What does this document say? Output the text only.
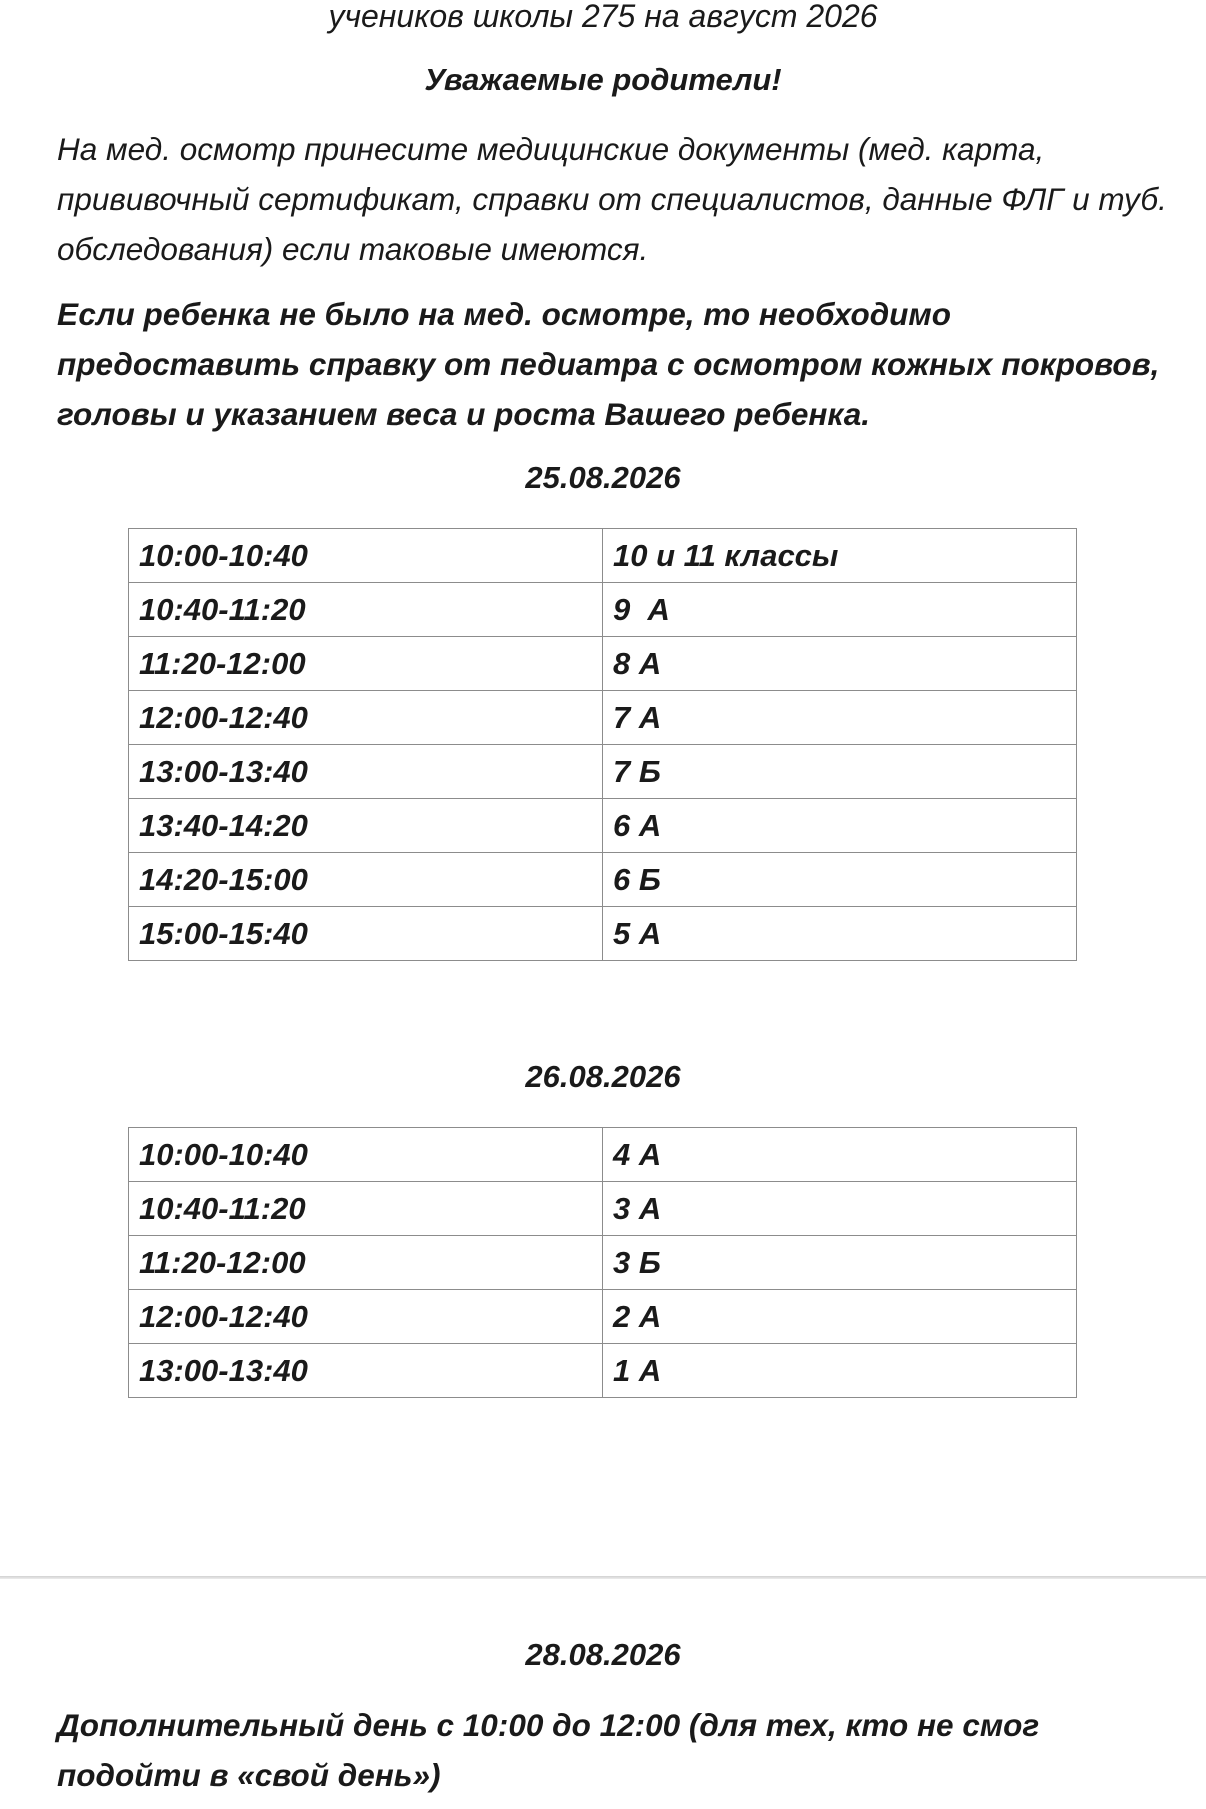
учеников школы 275 на август 2026

Уважаемые родители!

На мед. осмотр принесите медицинские документы (мед. карта, прививочный сертификат, справки от специалистов, данные ФЛГ и туб. обследования) если таковые имеются.

Если ребенка не было на мед. осмотре, то необходимо предоставить справку от педиатра с осмотром кожных покровов, головы и указанием веса и роста Вашего ребенка.

25.08.2026

10:00-10:40	10 и 11 классы
10:40-11:20	9  А
11:20-12:00	8 А
12:00-12:40	7 А
13:00-13:40	7 Б
13:40-14:20	6 А
14:20-15:00	6 Б
15:00-15:40	5 А

26.08.2026

10:00-10:40	4 А
10:40-11:20	3 А
11:20-12:00	3 Б
12:00-12:40	2 А
13:00-13:40	1 А

28.08.2026

Дополнительный день с 10:00 до 12:00 (для тех, кто не смог подойти в «свой день»)
